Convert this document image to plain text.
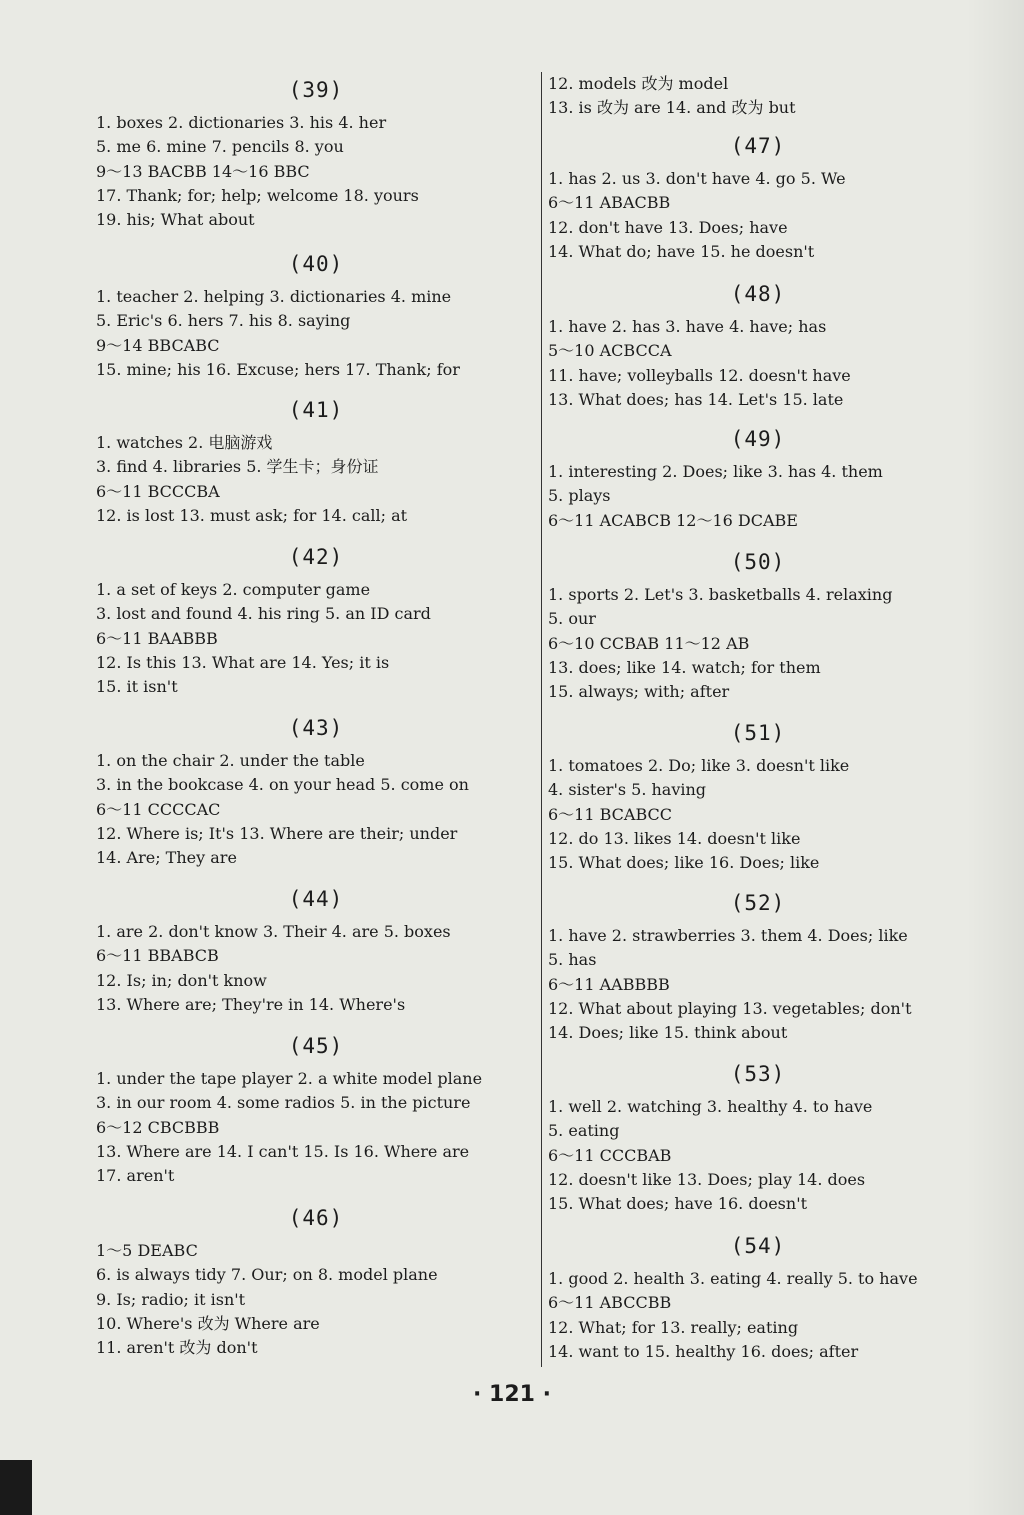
(39)
1. boxes 2. dictionaries 3. his 4. her
5. me 6. mine 7. pencils 8. you
9～13 BACBB 14～16 BBC
17. Thank; for; help; welcome 18. yours
19. his; What about
(40)
1. teacher 2. helping 3. dictionaries 4. mine
5. Eric's 6. hers 7. his 8. saying
9～14 BBCABC
15. mine; his 16. Excuse; hers 17. Thank; for
(41)
1. watches 2. 电脑游戏
3. find 4. libraries 5. 学生卡；身份证
6～11 BCCCBA
12. is lost 13. must ask; for 14. call; at
(42)
1. a set of keys 2. computer game
3. lost and found 4. his ring 5. an ID card
6～11 BAABBB
12. Is this 13. What are 14. Yes; it is
15. it isn't
(43)
1. on the chair 2. under the table
3. in the bookcase 4. on your head 5. come on
6～11 CCCCAC
12. Where is; It's 13. Where are their; under
14. Are; They are
(44)
1. are 2. don't know 3. Their 4. are 5. boxes
6～11 BBABCB
12. Is; in; don't know
13. Where are; They're in 14. Where's
(45)
1. under the tape player 2. a white model plane
3. in our room 4. some radios 5. in the picture
6～12 CBCBBB
13. Where are 14. I can't 15. Is 16. Where are
17. aren't
(46)
1～5 DEABC
6. is always tidy 7. Our; on 8. model plane
9. Is; radio; it isn't
10. Where's 改为 Where are
11. aren't 改为 don't
12. models 改为 model
13. is 改为 are 14. and 改为 but
(47)
1. has 2. us 3. don't have 4. go 5. We
6～11 ABACBB
12. don't have 13. Does; have
14. What do; have 15. he doesn't
(48)
1. have 2. has 3. have 4. have; has
5～10 ACBCCA
11. have; volleyballs 12. doesn't have
13. What does; has 14. Let's 15. late
(49)
1. interesting 2. Does; like 3. has 4. them
5. plays
6～11 ACABCB 12～16 DCABE
(50)
1. sports 2. Let's 3. basketballs 4. relaxing
5. our
6～10 CCBAB 11～12 AB
13. does; like 14. watch; for them
15. always; with; after
(51)
1. tomatoes 2. Do; like 3. doesn't like
4. sister's 5. having
6～11 BCABCC
12. do 13. likes 14. doesn't like
15. What does; like 16. Does; like
(52)
1. have 2. strawberries 3. them 4. Does; like
5. has
6～11 AABBBB
12. What about playing 13. vegetables; don't
14. Does; like 15. think about
(53)
1. well 2. watching 3. healthy 4. to have
5. eating
6～11 CCCBAB
12. doesn't like 13. Does; play 14. does
15. What does; have 16. doesn't
(54)
1. good 2. health 3. eating 4. really 5. to have
6～11 ABCCBB
12. What; for 13. really; eating
14. want to 15. healthy 16. does; after
· 121 ·
